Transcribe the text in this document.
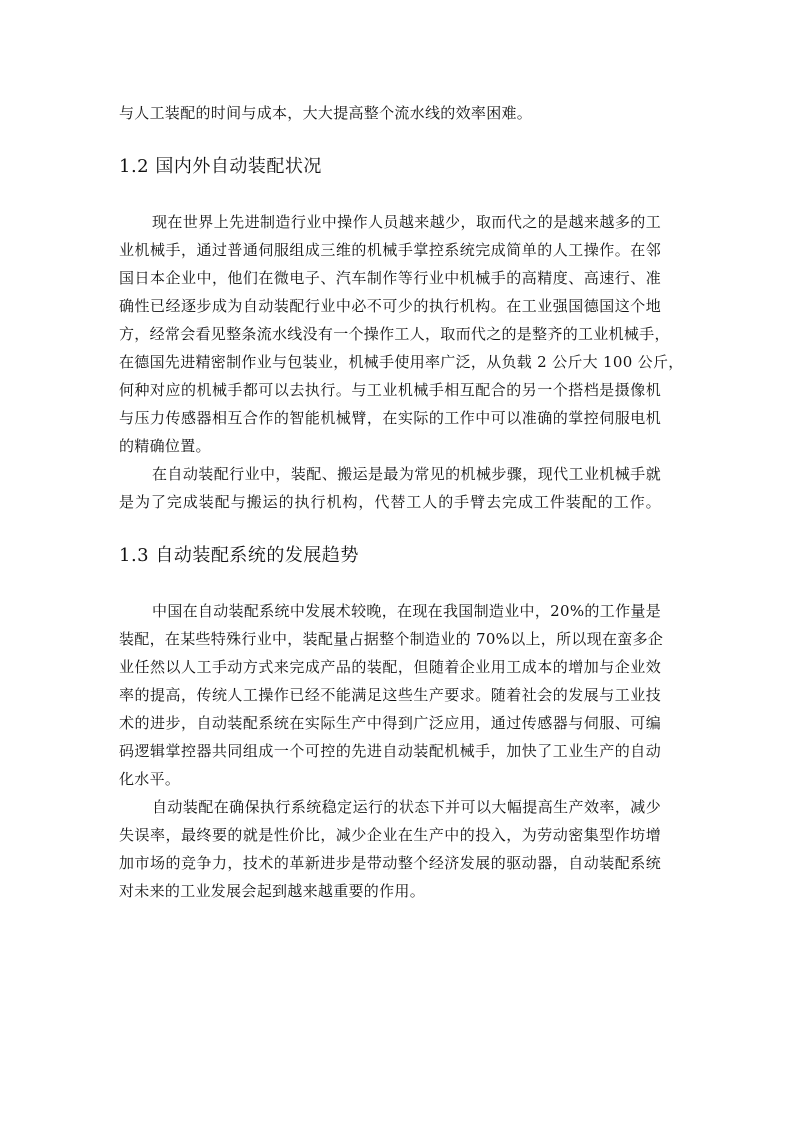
与人工装配的时间与成本，大大提高整个流水线的效率困难。
1.2 国内外自动装配状况
现在世界上先进制造行业中操作人员越来越少，取而代之的是越来越多的工
业机械手，通过普通伺服组成三维的机械手掌控系统完成简单的人工操作。在邻
国日本企业中，他们在微电子、汽车制作等行业中机械手的高精度、高速行、准
确性已经逐步成为自动装配行业中必不可少的执行机构。在工业强国德国这个地
方，经常会看见整条流水线没有一个操作工人，取而代之的是整齐的工业机械手，
在德国先进精密制作业与包装业，机械手使用率广泛，从负载 2 公斤大 100 公斤，
何种对应的机械手都可以去执行。与工业机械手相互配合的另一个搭档是摄像机
与压力传感器相互合作的智能机械臂，在实际的工作中可以准确的掌控伺服电机
的精确位置。
在自动装配行业中，装配、搬运是最为常见的机械步骤，现代工业机械手就
是为了完成装配与搬运的执行机构，代替工人的手臂去完成工件装配的工作。
1.3 自动装配系统的发展趋势
中国在自动装配系统中发展术较晚，在现在我国制造业中，20%的工作量是
装配，在某些特殊行业中，装配量占据整个制造业的 70%以上，所以现在蛮多企
业任然以人工手动方式来完成产品的装配，但随着企业用工成本的增加与企业效
率的提高，传统人工操作已经不能满足这些生产要求。随着社会的发展与工业技
术的进步，自动装配系统在实际生产中得到广泛应用，通过传感器与伺服、可编
码逻辑掌控器共同组成一个可控的先进自动装配机械手，加快了工业生产的自动
化水平。
自动装配在确保执行系统稳定运行的状态下并可以大幅提高生产效率，减少
失误率，最终要的就是性价比，减少企业在生产中的投入，为劳动密集型作坊增
加市场的竞争力，技术的革新进步是带动整个经济发展的驱动器，自动装配系统
对未来的工业发展会起到越来越重要的作用。
